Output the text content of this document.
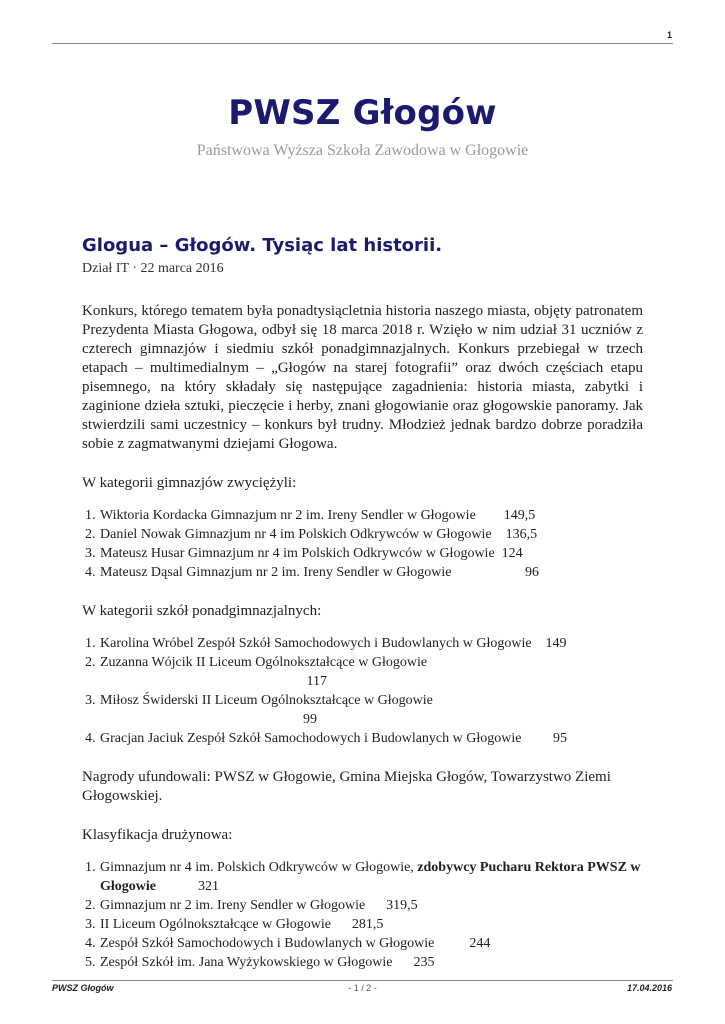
1
PWSZ Głogów
Państwowa Wyższa Szkoła Zawodowa w Głogowie
Glogua – Głogów. Tysiąc lat historii.
Dział IT · 22 marca 2016

Konkurs, którego tematem była ponadtysiącletnia historia naszego miasta, objęty patronatem Prezydenta Miasta Głogowa, odbył się 18 marca 2018 r. Wzięło w nim udział 31 uczniów z czterech gimnazjów i siedmiu szkół ponadgimnazjalnych. Konkurs przebiegał w trzech etapach – multimedialnym – „Głogów na starej fotografii” oraz dwóch częściach etapu pisemnego, na który składały się następujące zagadnienia: historia miasta, zabytki i zaginione dzieła sztuki, pieczęcie i herby, znani głogowianie oraz głogowskie panoramy. Jak stwierdzili sami uczestnicy – konkurs był trudny. Młodzież jednak bardzo dobrze poradziła sobie z zagmatwanymi dziejami Głogowa.

W kategorii gimnazjów zwyciężyli:

1. Wiktoria Kordacka Gimnazjum nr 2 im. Ireny Sendler w Głogowie 149,5
2. Daniel Nowak Gimnazjum nr 4 im Polskich Odkrywców w Głogowie 136,5
3. Mateusz Husar Gimnazjum nr 4 im Polskich Odkrywców w Głogowie 124
4. Mateusz Dąsal Gimnazjum nr 2 im. Ireny Sendler w Głogowie	96

W kategorii szkół ponadgimnazjalnych:

1. Karolina Wróbel Zespół Szkół Samochodowych i Budowlanych w Głogowie 149
2. Zuzanna Wójcik II Liceum Ogólnokształcące w Głogowie                                                           117
3. Miłosz Świderski II Liceum Ogólnokształcące w Głogowie                                                          99
4. Gracjan Jaciuk Zespół Szkół Samochodowych i Budowlanych w Głogowie 95

Nagrody ufundowali: PWSZ w Głogowie, Gmina Miejska Głogów, Towarzystwo Ziemi Głogowskiej.

Klasyfikacja drużynowa:

1. Gimnazjum nr 4 im. Polskich Odkrywców w Głogowie, zdobywcy Pucharu Rektora PWSZ w Głogowie	321
2. Gimnazjum nr 2 im. Ireny Sendler w Głogowie 319,5
3. II Liceum Ogólnokształcące w Głogowie 281,5
4. Zespół Szkół Samochodowych i Budowlanych w Głogowie	244
5. Zespół Szkół im. Jana Wyżykowskiego w Głogowie 235
PWSZ Głogów	- 1 / 2 -	17.04.2016
